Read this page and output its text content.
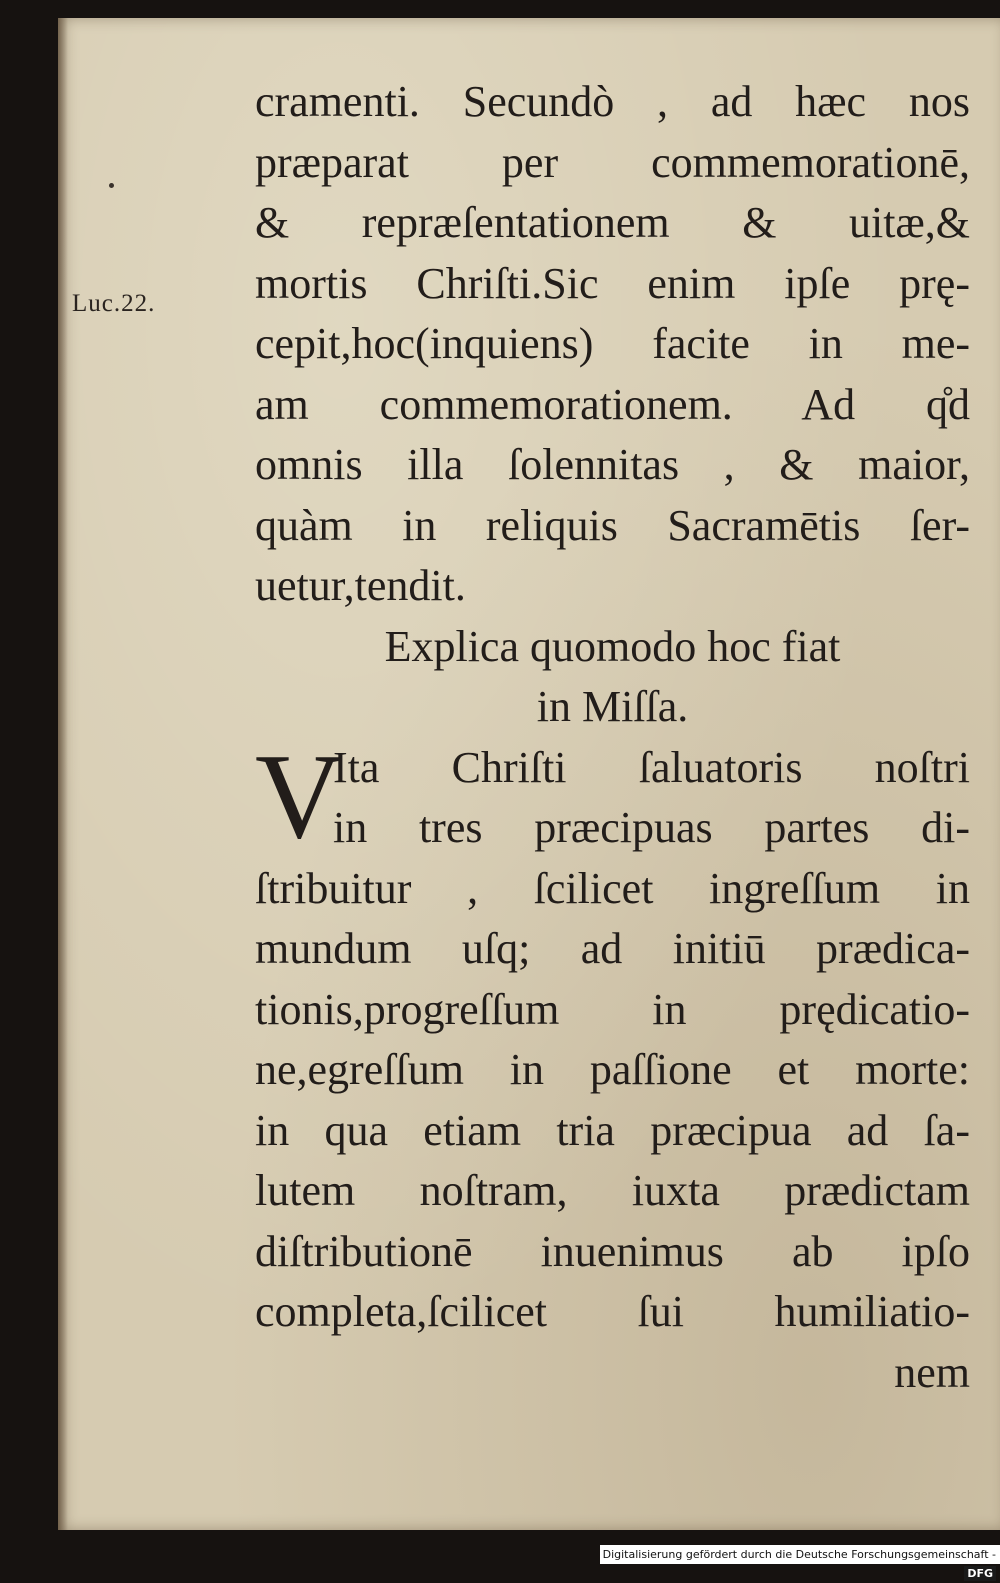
Luc.22.
cramenti. Secundò , ad hæc nos
præparat per commemorationē,
& repræſentationem & uitæ,&
mortis Chriſti.Sic enim ipſe prę-
cepit,hoc(inquiens) facite in me-
am commemorationem. Ad q̊d
omnis illa ſolennitas , & maior,
quàm in reliquis Sacramētis ſer-
uetur,tendit.
Explica quomodo hoc fiat
in Miſſa.
V
Ita Chriſti ſaluatoris noſtri
in tres præcipuas partes di-
ſtribuitur , ſcilicet ingreſſum in
mundum uſq; ad initiū prædica-
tionis,progreſſum in prędicatio-
ne,egreſſum in paſſione et morte:
in qua etiam tria præcipua ad ſa-
lutem noſtram, iuxta prædictam
diſtributionē inuenimus ab ipſo
completa,ſcilicet ſui humiliatio-
nem
Digitalisierung gefördert durch die Deutsche Forschungsgemeinschaft -DFG
